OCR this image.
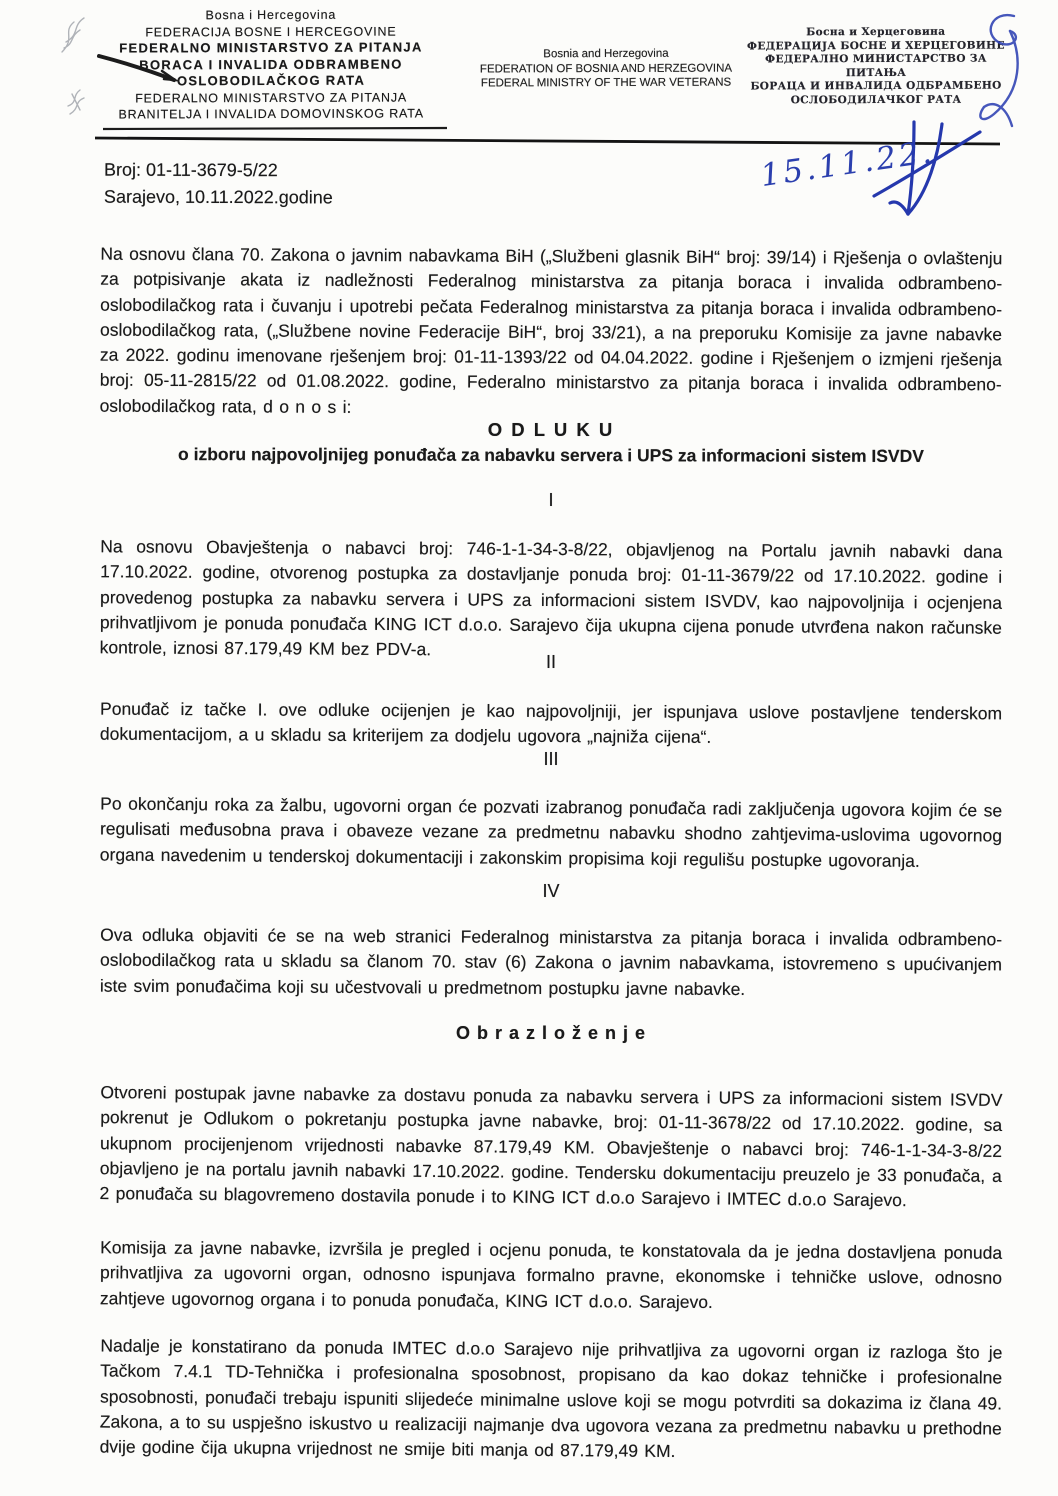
Bosna i Hercegovina
FEDERACIJA BOSNE I HERCEGOVINE
FEDERALNO MINISTARSTVO ZA PITANJA
BORACA I INVALIDA ODBRAMBENO
OSLOBODILAČKOG RATA
FEDERALNO MINISTARSTVO ZA PITANJA
BRANITELJA I INVALIDA DOMOVINSKOG RATA
Bosnia and Herzegovina
FEDERATION OF BOSNIA AND HERZEGOVINA
FEDERAL MINISTRY OF THE WAR VETERANS
Босна и Херцеговина
ФЕДЕРАЦИЈА БОСНЕ И ХЕРЦЕГОВИНЕ
ФЕДЕРАЛНО МИНИСТАРСТВО ЗА ПИТАЊА
БОРАЦА И ИНВАЛИДА ОДБРАМБЕНО
ОСЛОБОДИЛАЧКОГ РАТА
Broj: 01-11-3679-5/22
Sarajevo, 10.11.2022.godine
15.11.22.

Na osnovu člana 70. Zakona o javnim nabavkama BiH („Službeni glasnik BiH“ broj: 39/14) i Rješenja o ovlaštenju za potpisivanje akata iz nadležnosti Federalnog ministarstva za pitanja boraca i invalida odbrambeno-oslobodilačkog rata i čuvanju i upotrebi pečata Federalnog ministarstva za pitanja boraca i invalida odbrambeno-oslobodilačkog rata, („Službene novine Federacije BiH“, broj 33/21), a na preporuku Komisije za javne nabavke za 2022. godinu imenovane rješenjem broj: 01-11-1393/22 od 04.04.2022. godine i Rješenjem o izmjeni rješenja broj: 05-11-2815/22 od 01.08.2022. godine, Federalno ministarstvo za pitanja boraca i invalida odbrambeno-oslobodilačkog rata, d o n o s i:

O D L U K U
o izboru najpovoljnijeg ponuđača za nabavku servera i UPS za informacioni sistem ISVDV
I

Na osnovu Obavještenja o nabavci broj: 746-1-1-34-3-8/22, objavljenog na Portalu javnih nabavki dana 17.10.2022. godine, otvorenog postupka za dostavljanje ponuda broj: 01-11-3679/22 od 17.10.2022. godine i provedenog postupka za nabavku servera i UPS za informacioni sistem ISVDV, kao najpovoljnija i ocjenjena prihvatljivom je ponuda ponuđača KING ICT d.o.o. Sarajevo čija ukupna cijena ponude utvrđena nakon računske kontrole, iznosi 87.179,49 KM bez PDV-a.

II

Ponuđač iz tačke I. ove odluke ocijenjen je kao najpovoljniji, jer ispunjava uslove postavljene tenderskom dokumentacijom, a u skladu sa kriterijem za dodjelu ugovora „najniža cijena“.

III

Po okončanju roka za žalbu, ugovorni organ će pozvati izabranog ponuđača radi zaključenja ugovora kojim će se regulisati međusobna prava i obaveze vezane za predmetnu nabavku shodno zahtjevima-uslovima ugovornog organa navedenim u tenderskoj dokumentaciji i zakonskim propisima koji regulišu postupke ugovoranja.

IV

Ova odluka objaviti će se na web stranici Federalnog ministarstva za pitanja boraca i invalida odbrambeno-oslobodilačkog rata u skladu sa članom 70. stav (6) Zakona o javnim nabavkama, istovremeno s upućivanjem iste svim ponuđačima koji su učestvovali u predmetnom postupku javne nabavke.

O b r a z l o ž e n j e

Otvoreni postupak javne nabavke za dostavu ponuda za nabavku servera i UPS za informacioni sistem ISVDV pokrenut je Odlukom o pokretanju postupka javne nabavke, broj: 01-11-3678/22 od 17.10.2022. godine, sa ukupnom procijenjenom vrijednosti nabavke 87.179,49 KM. Obavještenje o nabavci broj: 746-1-1-34-3-8/22 objavljeno je na portalu javnih nabavki 17.10.2022. godine. Tendersku dokumentaciju preuzelo je 33 ponuđača, a 2 ponuđača su blagovremeno dostavila ponude i to KING ICT d.o.o Sarajevo i IMTEC d.o.o Sarajevo.

Komisija za javne nabavke, izvršila je pregled i ocjenu ponuda, te konstatovala da je jedna dostavljena ponuda prihvatljiva za ugovorni organ, odnosno ispunjava formalno pravne, ekonomske i tehničke uslove, odnosno zahtjeve ugovornog organa i to ponuda ponuđača, KING ICT d.o.o. Sarajevo.

Nadalje je konstatirano da ponuda IMTEC d.o.o Sarajevo nije prihvatljiva za ugovorni organ iz razloga što je Tačkom 7.4.1 TD-Tehnička i profesionalna sposobnost, propisano da kao dokaz tehničke i profesionalne sposobnosti, ponuđači trebaju ispuniti slijedeće minimalne uslove koji se mogu potvrditi sa dokazima iz člana 49. Zakona, a to su uspješno iskustvo u realizaciji najmanje dva ugovora vezana za predmetnu nabavku u prethodne dvije godine čija ukupna vrijednost ne smije biti manja od 87.179,49 KM.
